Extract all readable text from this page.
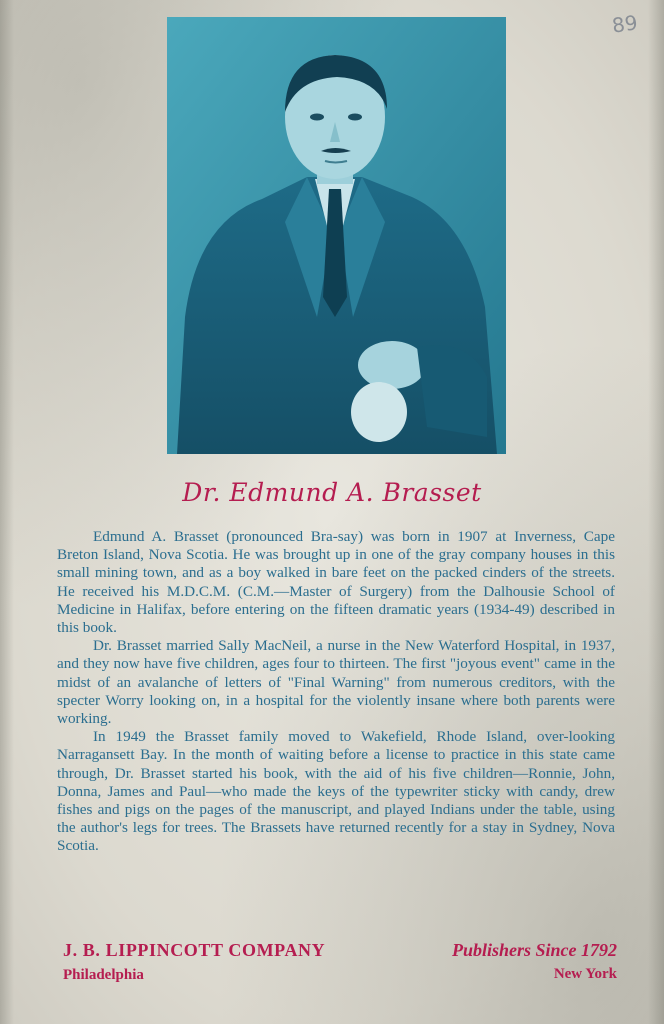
89
Dr. Edmund A. Brasset

Edmund A. Brasset (pronounced Bra-say) was born in 1907 at Inverness, Cape Breton Island, Nova Scotia. He was brought up in one of the gray company houses in this small mining town, and as a boy walked in bare feet on the packed cinders of the streets. He received his M.D.C.M. (C.M.—Master of Surgery) from the Dalhousie School of Medicine in Halifax, before entering on the fifteen dramatic years (1934-49) described in this book.

Dr. Brasset married Sally MacNeil, a nurse in the New Waterford Hospital, in 1937, and they now have five children, ages four to thirteen. The first "joyous event" came in the midst of an avalanche of letters of "Final Warning" from numerous creditors, with the specter Worry looking on, in a hospital for the violently insane where both parents were working.

In 1949 the Brasset family moved to Wakefield, Rhode Island, over-looking Narragansett Bay. In the month of waiting before a license to practice in this state came through, Dr. Brasset started his book, with the aid of his five children—Ronnie, John, Donna, James and Paul—who made the keys of the typewriter sticky with candy, drew fishes and pigs on the pages of the manuscript, and played Indians under the table, using the author's legs for trees. The Brassets have returned recently for a stay in Sydney, Nova Scotia.

J. B. LIPPINCOTT COMPANY
Philadelphia
Publishers Since 1792
New York
